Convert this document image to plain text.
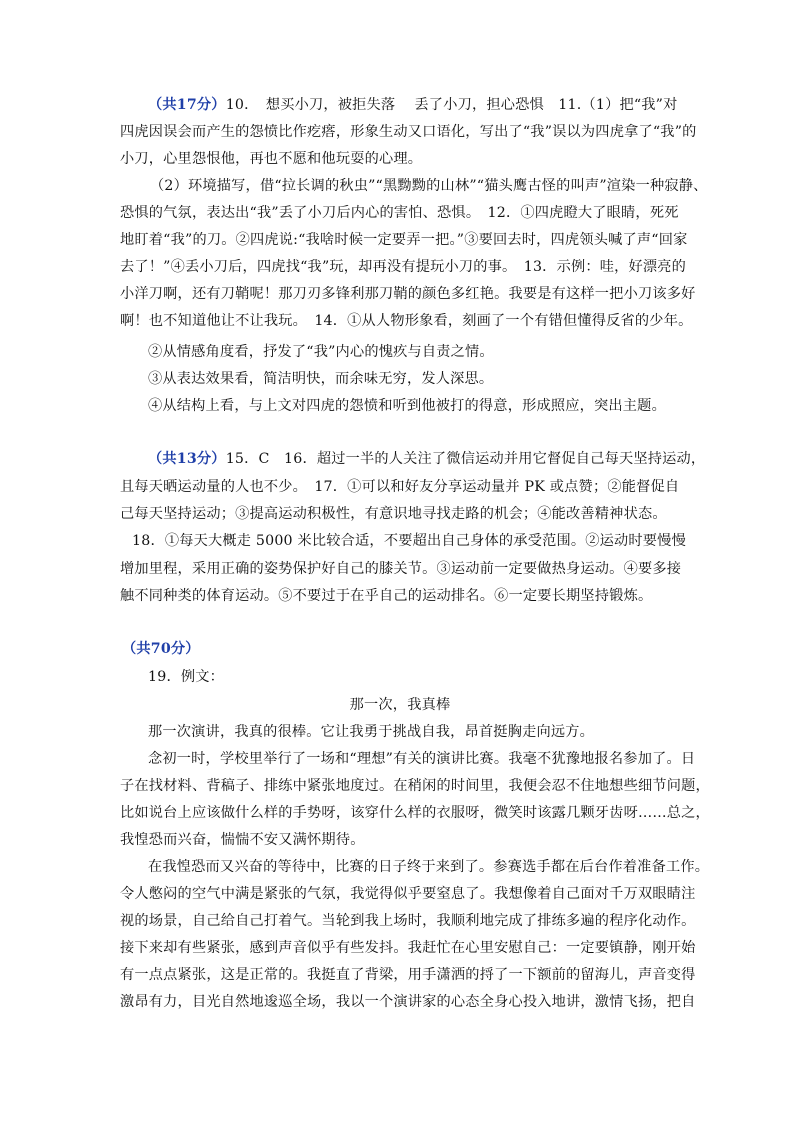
（共17分）10．　想买小刀，被拒失落　 丢了小刀，担心恐惧　11.（1）把“我”对
四虎因误会而产生的怨愤比作疙瘩，形象生动又口语化，写出了“我”误以为四虎拿了“我”的
小刀，心里怨恨他，再也不愿和他玩耍的心理。
（2）环境描写，借“拉长调的秋虫”“黑黝黝的山林”“猫头鹰古怪的叫声”渲染一种寂静、
恐惧的气氛，表达出“我”丢了小刀后内心的害怕、恐惧。　12．①四虎瞪大了眼睛，死死
地盯着“我”的刀。②四虎说:“我啥时候一定要弄一把。”③要回去时，四虎领头喊了声“回家
去了！”④丢小刀后，四虎找“我”玩，却再没有提玩小刀的事。　13．示例：哇，好漂亮的
小洋刀啊，还有刀鞘呢！那刀刃多锋利那刀鞘的颜色多红艳。我要是有这样一把小刀该多好
啊！也不知道他让不让我玩。　14．①从人物形象看，刻画了一个有错但懂得反省的少年。
②从情感角度看，抒发了“我”内心的愧疚与自责之情。
③从表达效果看，简洁明快，而余味无穷，发人深思。
④从结构上看，与上文对四虎的怨愤和听到他被打的得意，形成照应，突出主题。
（共13分）15．C　16．超过一半的人关注了微信运动并用它督促自己每天坚持运动，
且每天晒运动量的人也不少。　17．①可以和好友分享运动量并 PK 或点赞；②能督促自
己每天坚持运动；③提高运动积极性，有意识地寻找走路的机会；④能改善精神状态。
18．①每天大概走 5000 米比较合适，不要超出自己身体的承受范围。②运动时要慢慢
增加里程，采用正确的姿势保护好自己的膝关节。③运动前一定要做热身运动。④要多接
触不同种类的体育运动。⑤不要过于在乎自己的运动排名。⑥一定要长期坚持锻炼。
（共70分）
19．例文：
那一次，我真棒
那一次演讲，我真的很棒。它让我勇于挑战自我，昂首挺胸走向远方。
念初一时，学校里举行了一场和“理想”有关的演讲比赛。我毫不犹豫地报名参加了。日
子在找材料、背稿子、排练中紧张地度过。在稍闲的时间里，我便会忍不住地想些细节问题，
比如说台上应该做什么样的手势呀，该穿什么样的衣服呀，微笑时该露几颗牙齿呀……总之，
我惶恐而兴奋，惴惴不安又满怀期待。
在我惶恐而又兴奋的等待中，比赛的日子终于来到了。参赛选手都在后台作着准备工作。
令人憋闷的空气中满是紧张的气氛，我觉得似乎要窒息了。我想像着自己面对千万双眼睛注
视的场景，自己给自己打着气。当轮到我上场时，我顺利地完成了排练多遍的程序化动作。
接下来却有些紧张，感到声音似乎有些发抖。我赶忙在心里安慰自己：一定要镇静，刚开始
有一点点紧张，这是正常的。我挺直了背梁，用手潇洒的捋了一下额前的留海儿，声音变得
激昂有力，目光自然地逡巡全场，我以一个演讲家的心态全身心投入地讲，激情飞扬，把自
